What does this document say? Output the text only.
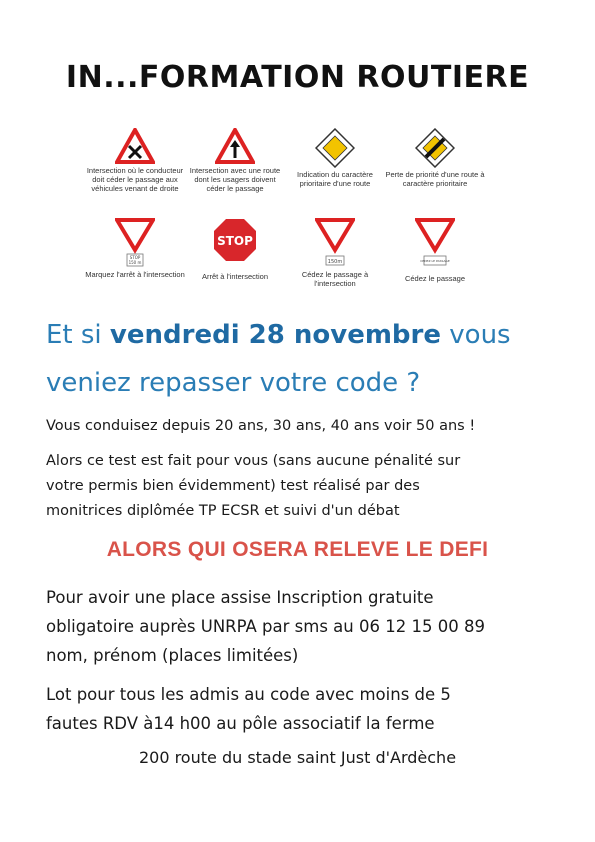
IN...FORMATION ROUTIERE
Intersection où le conducteur doit céder le passage aux véhicules venant de droite
Intersection avec une route dont les usagers doivent céder le passage
Indication du caractère prioritaire d'une route
Perte de priorité d'une route à caractère prioritaire
STOP
150 m
Marquez l'arrêt à l'intersection
STOP
Arrêt à l'intersection
150m
Cédez le passage à l'intersection
CEDEZ LE PASSAGE
Cédez le passage
Et si vendredi 28 novembre vous
veniez repasser votre code ?
Vous conduisez depuis 20 ans, 30 ans, 40 ans voir 50 ans !
Alors ce test est fait pour vous (sans aucune pénalité sur
votre permis bien évidemment) test réalisé par des
monitrices diplômée TP ECSR et suivi d'un débat
ALORS QUI OSERA RELEVE LE DEFI
Pour avoir une place assise Inscription gratuite
obligatoire auprès UNRPA par sms au 06 12 15 00 89
nom, prénom (places limitées)
Lot pour tous les admis au code avec moins de 5
fautes RDV à14 h00 au pôle associatif la ferme
200 route du stade saint Just d'Ardèche
